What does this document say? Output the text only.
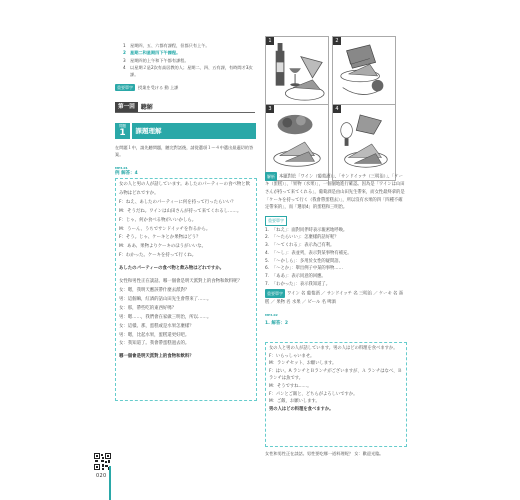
1	星期四、五、六都有課程，但都只有上午。
2 星期二和星期四下午課程。
3	星期四的上午和下午都有課程。
4	以星期２是2次有高居教的人；星期二、四、五有課，有時間才3次課。
重要單字	授業を受ける 動 上課
第一回	聽解
問題
1	課題理解
在問題１中，請先聽問題，聽完對話後，請從選項１～４中選出最適切的答案。
MP3-01
例 解答：4
女の人と男の人が話しています。あしたのパーティーの食べ物と飲み物はどれですか。
F：ねえ、あしたのパーティーに何を持って行ったらいい？
M：そうだね。ワインは山田さんが持って来てくれるし……。
F：じゃ、何か食べる物がいいかしら。
M：うーん、うちでサンドイッチを作るから。
F：そう。じゃ、ケーキとか果物はどう？
M：ああ、果物よりケーキのほうがいいな。
F：わかった。ケーキを持って行くね。
あしたのパーティーの食べ物と飲み物はどれですか。
女性和男性正在談話。哪一個會是明天派對上的食物和飲料呢？
女：嗯，我明天應該帶什麼去派對？
男：這個嘛，紅酒的話山田先生會帶來了……。
女：那，帶些吃的東西好嗎？
男：嗯……，我們會在家做三明治，所以……。
女：這樣。那，蛋糕或是水果怎麼樣？
男：嗯，比起水果，蛋糕還更好吧。
女：我知道了。我會帶蛋糕過去的。
哪一個會是明天派對上的食物和飲料？
1	2
3	4
解析 本題對於「ワイン（葡萄酒）」、「サンドイッチ（三明治）」、「ケーキ（蛋糕）」、「果物（水果）」，一個個地進行確認。因為是「ワインは山田さんが持って来てくれる」，葡萄酒是由山田先生帶來，而女性最終拿的是「ケーキを持って行く（我會帶蛋糕去）」，所以沒有水果的四「四種不確定帶來的」，而「選項4」的蛋糕和三明治。
重要單字
1. 「ねえ」：面對同伴時表示親密地呼喚。
2. 「～たらいい」：怎麼樣的話好呢？
3. 「～てくれる」：表示為己有利。
4. 「～し」：表並列，表示對某事物有補充。
5. 「～かしら」：多用於女性的疑問語。
6. 「～とか」：舉出例子中某的事物……
7. 「ああ」：表示同意的回應。
7. 「わかった」：表示我知道了。
重要單字 ワイン 名 葡萄酒 ／ サンドイッチ 名 三明治 ／ ケーキ 名 蛋糕 ／ 果物 名 水果 ／ ビール 名 啤酒
MP3-02
1. 解答：2
女の人と男の人が話しています。男の人はどの料理を食べますか。
F：いらっしゃいませ。
M：ランチセット、お願いします。
F：はい。A ランチとＢランチがございますが、Ａ ランチはなべ、Ｂランチは魚です。
M：そうですね……。
F：パンとご飯と、どちらがよろしいですか。
M：ご飯、お願いします。
男の人はどの料理を食べますか。
女性和男性正在談話。男性要吃哪一道料理呢？ 女：歡迎光臨。
020
